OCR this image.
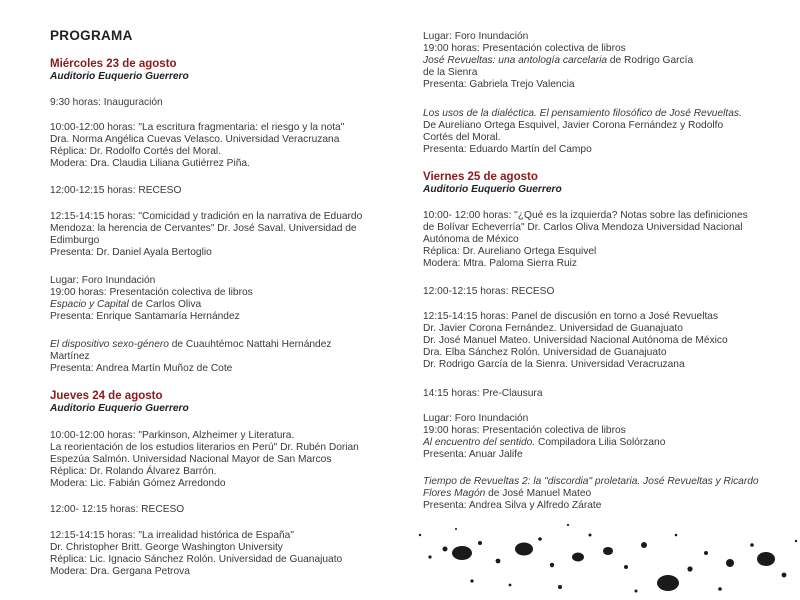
PROGRAMA
Miércoles 23 de agosto
Auditorio Euquerio Guerrero
9:30 horas: Inauguración
10:00-12:00 horas: "La escritura fragmentaria: el riesgo y la nota"
Dra. Norma Angélica Cuevas Velasco. Universidad Veracruzana
Réplica: Dr. Rodolfo Cortés del Moral.
Modera: Dra. Claudia Liliana Gutiérrez Piña.
12:00-12:15 horas: RECESO
12:15-14:15 horas: "Comicidad y tradición en la narrativa de Eduardo
Mendoza: la herencia de Cervantes" Dr. José Saval. Universidad de
Edimburgo
Presenta: Dr. Daniel Ayala Bertoglio
Lugar: Foro Inundación
19:00 horas: Presentación colectiva de libros
Espacio y Capital de Carlos Oliva
Presenta: Enrique Santamaría Hernández
El dispositivo sexo-género de Cuauhtémoc Nattahi Hernández
Martínez
Presenta: Andrea Martín Muñoz de Cote
Jueves 24 de agosto
Auditorio Euquerio Guerrero
10:00-12:00 horas: "Parkinson, Alzheimer y Literatura.
La reorientación de los estudios literarios en Perú" Dr. Rubén Dorian
Espezúa Salmón. Universidad Nacional Mayor de San Marcos
Réplica: Dr. Rolando Álvarez Barrón.
Modera: Lic. Fabián Gómez Arredondo
12:00- 12:15 horas: RECESO
12:15-14:15 horas: "La irrealidad histórica de España"
Dr. Christopher Britt. George Washington University
Réplica: Lic. Ignacio Sánchez Rolón. Universidad de Guanajuato
Modera: Dra. Gergana Petrova
Lugar: Foro Inundación
19:00 horas: Presentación colectiva de libros
José Revueltas: una antología carcelaria de Rodrigo García
de la Sienra
Presenta: Gabriela Trejo Valencia
Los usos de la dialéctica. El pensamiento filosófico de José Revueltas.
De Aureliano Ortega Esquivel, Javier Corona Fernández y Rodolfo
Cortés del Moral.
Presenta: Eduardo Martín del Campo
Viernes 25 de agosto
Auditorio Euquerio Guerrero
10:00- 12:00 horas: "¿Qué es la izquierda? Notas sobre las definiciones
de Bolívar Echeverría" Dr. Carlos Oliva Mendoza Universidad Nacional
Autónoma de México
Réplica: Dr. Aureliano Ortega Esquivel
Modera: Mtra. Paloma Sierra Ruiz
12:00-12:15 horas: RECESO
12:15-14:15 horas: Panel de discusión en torno a José Revueltas
Dr. Javier Corona Fernández. Universidad de Guanajuato
Dr. José Manuel Mateo. Universidad Nacional Autónoma de México
Dra. Elba Sánchez Rolón. Universidad de Guanajuato
Dr. Rodrigo García de la Sienra. Universidad Veracruzana
14:15 horas: Pre-Clausura
Lugar: Foro Inundación
19:00 horas: Presentación colectiva de libros
Al encuentro del sentido. Compiladora Lilia Solórzano
Presenta: Anuar Jalife
Tiempo de Revueltas 2: la "discordia" proletaria. José Revueltas y Ricardo
Flores Magón de José Manuel Mateo
Presenta: Andrea Silva y Alfredo Zárate
